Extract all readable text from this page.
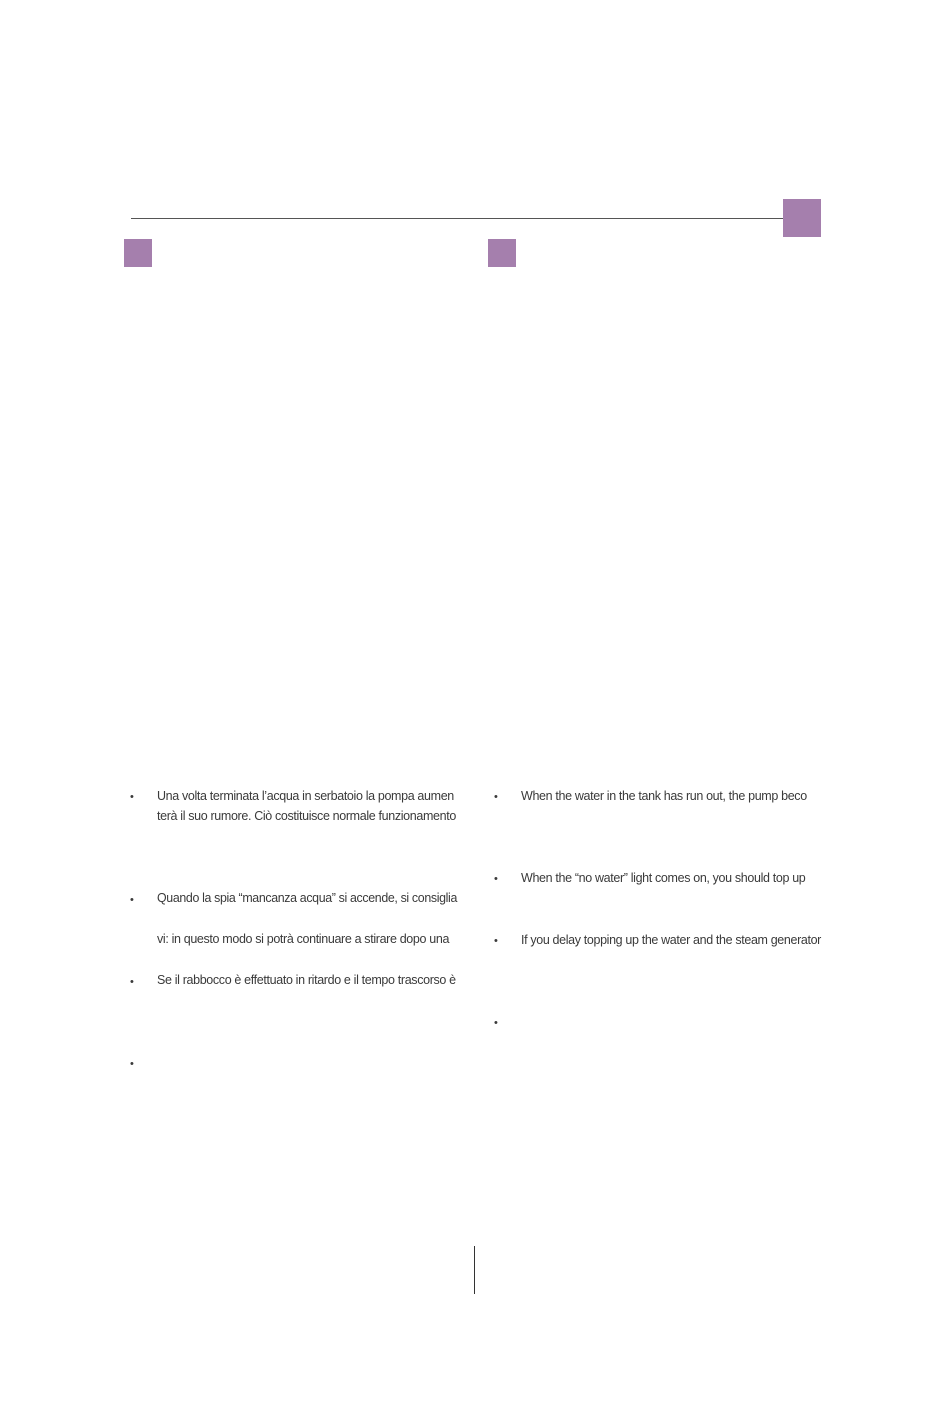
• Una volta terminata l’acqua in serbatoio la pompa aumen
terà il suo rumore. Ciò costituisce normale funzionamento
• Quando la spia “mancanza acqua” si accende, si consiglia
vi: in questo modo si potrà continuare a stirare dopo una
• Se il rabbocco è effettuato in ritardo e il tempo trascorso è
•
• When the water in the tank has run out, the pump beco
• When the “no water” light comes on, you should top up
• If you delay topping up the water and the steam generator
•
